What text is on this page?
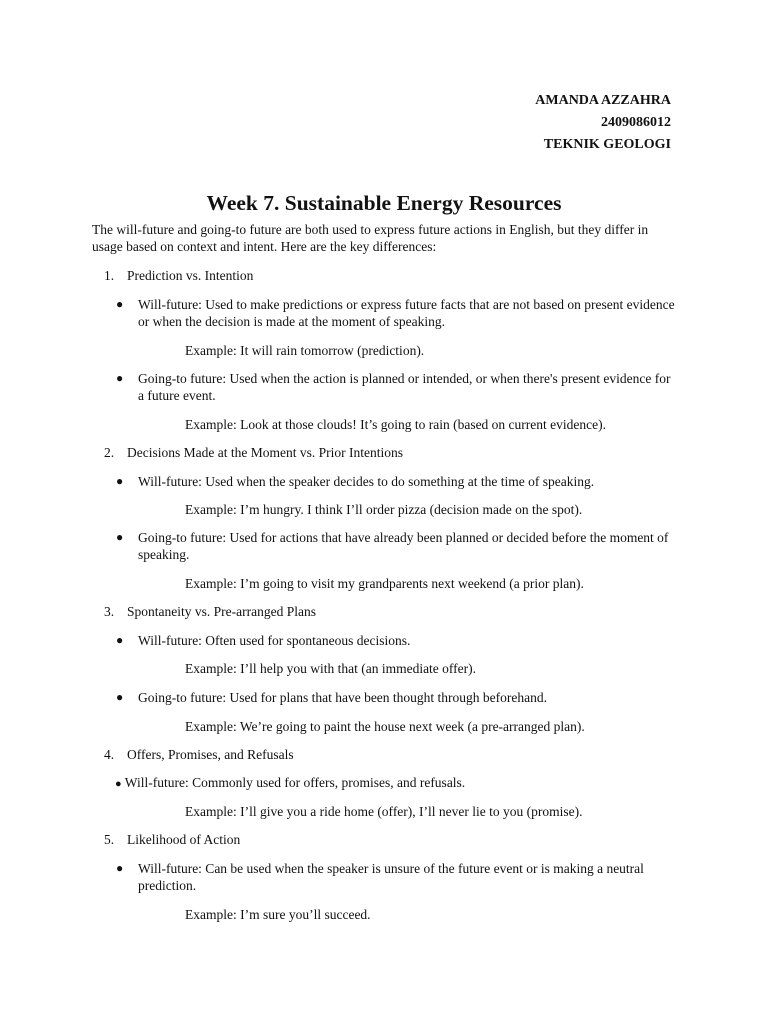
AMANDA AZZAHRA
2409086012
TEKNIK GEOLOGI
Week 7. Sustainable Energy Resources

The will-future and going-to future are both used to express future actions in English, but they differ in usage based on context and intent. Here are the key differences:

1. Prediction vs. Intention
● Will-future: Used to make predictions or express future facts that are not based on present evidence or when the decision is made at the moment of speaking.
Example: It will rain tomorrow (prediction).
● Going-to future: Used when the action is planned or intended, or when there's present evidence for a future event.
Example: Look at those clouds! It’s going to rain (based on current evidence).
2. Decisions Made at the Moment vs. Prior Intentions
● Will-future: Used when the speaker decides to do something at the time of speaking.
Example: I’m hungry. I think I’ll order pizza (decision made on the spot).
● Going-to future: Used for actions that have already been planned or decided before the moment of speaking.
Example: I’m going to visit my grandparents next weekend (a prior plan).
3. Spontaneity vs. Pre-arranged Plans
● Will-future: Often used for spontaneous decisions.
Example: I’ll help you with that (an immediate offer).
● Going-to future: Used for plans that have been thought through beforehand.
Example: We’re going to paint the house next week (a pre-arranged plan).
4. Offers, Promises, and Refusals
● Will-future: Commonly used for offers, promises, and refusals.
Example: I’ll give you a ride home (offer), I’ll never lie to you (promise).
5. Likelihood of Action
● Will-future: Can be used when the speaker is unsure of the future event or is making a neutral prediction.
Example: I’m sure you’ll succeed.
